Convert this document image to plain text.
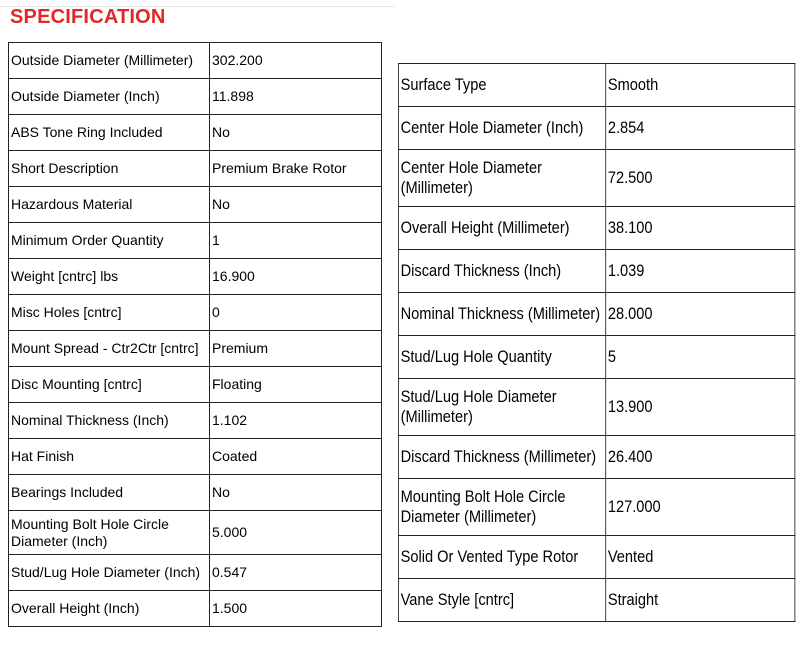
SPECIFICATION
Outside Diameter (Millimeter)	302.200
Outside Diameter (Inch)	11.898
ABS Tone Ring Included	No
Short Description	Premium Brake Rotor
Hazardous Material	No
Minimum Order Quantity	1
Weight [cntrc] lbs	16.900
Misc Holes [cntrc]	0
Mount Spread - Ctr2Ctr [cntrc]	Premium
Disc Mounting [cntrc]	Floating
Nominal Thickness (Inch)	1.102
Hat Finish	Coated
Bearings Included	No
Mounting Bolt Hole Circle Diameter (Inch)	5.000
Stud/Lug Hole Diameter (Inch)	0.547
Overall Height (Inch)	1.500
Surface Type	Smooth
Center Hole Diameter (Inch)	2.854
Center Hole Diameter (Millimeter)	72.500
Overall Height (Millimeter)	38.100
Discard Thickness (Inch)	1.039
Nominal Thickness (Millimeter)	28.000
Stud/Lug Hole Quantity	5
Stud/Lug Hole Diameter (Millimeter)	13.900
Discard Thickness (Millimeter)	26.400
Mounting Bolt Hole Circle Diameter (Millimeter)	127.000
Solid Or Vented Type Rotor	Vented
Vane Style [cntrc]	Straight
